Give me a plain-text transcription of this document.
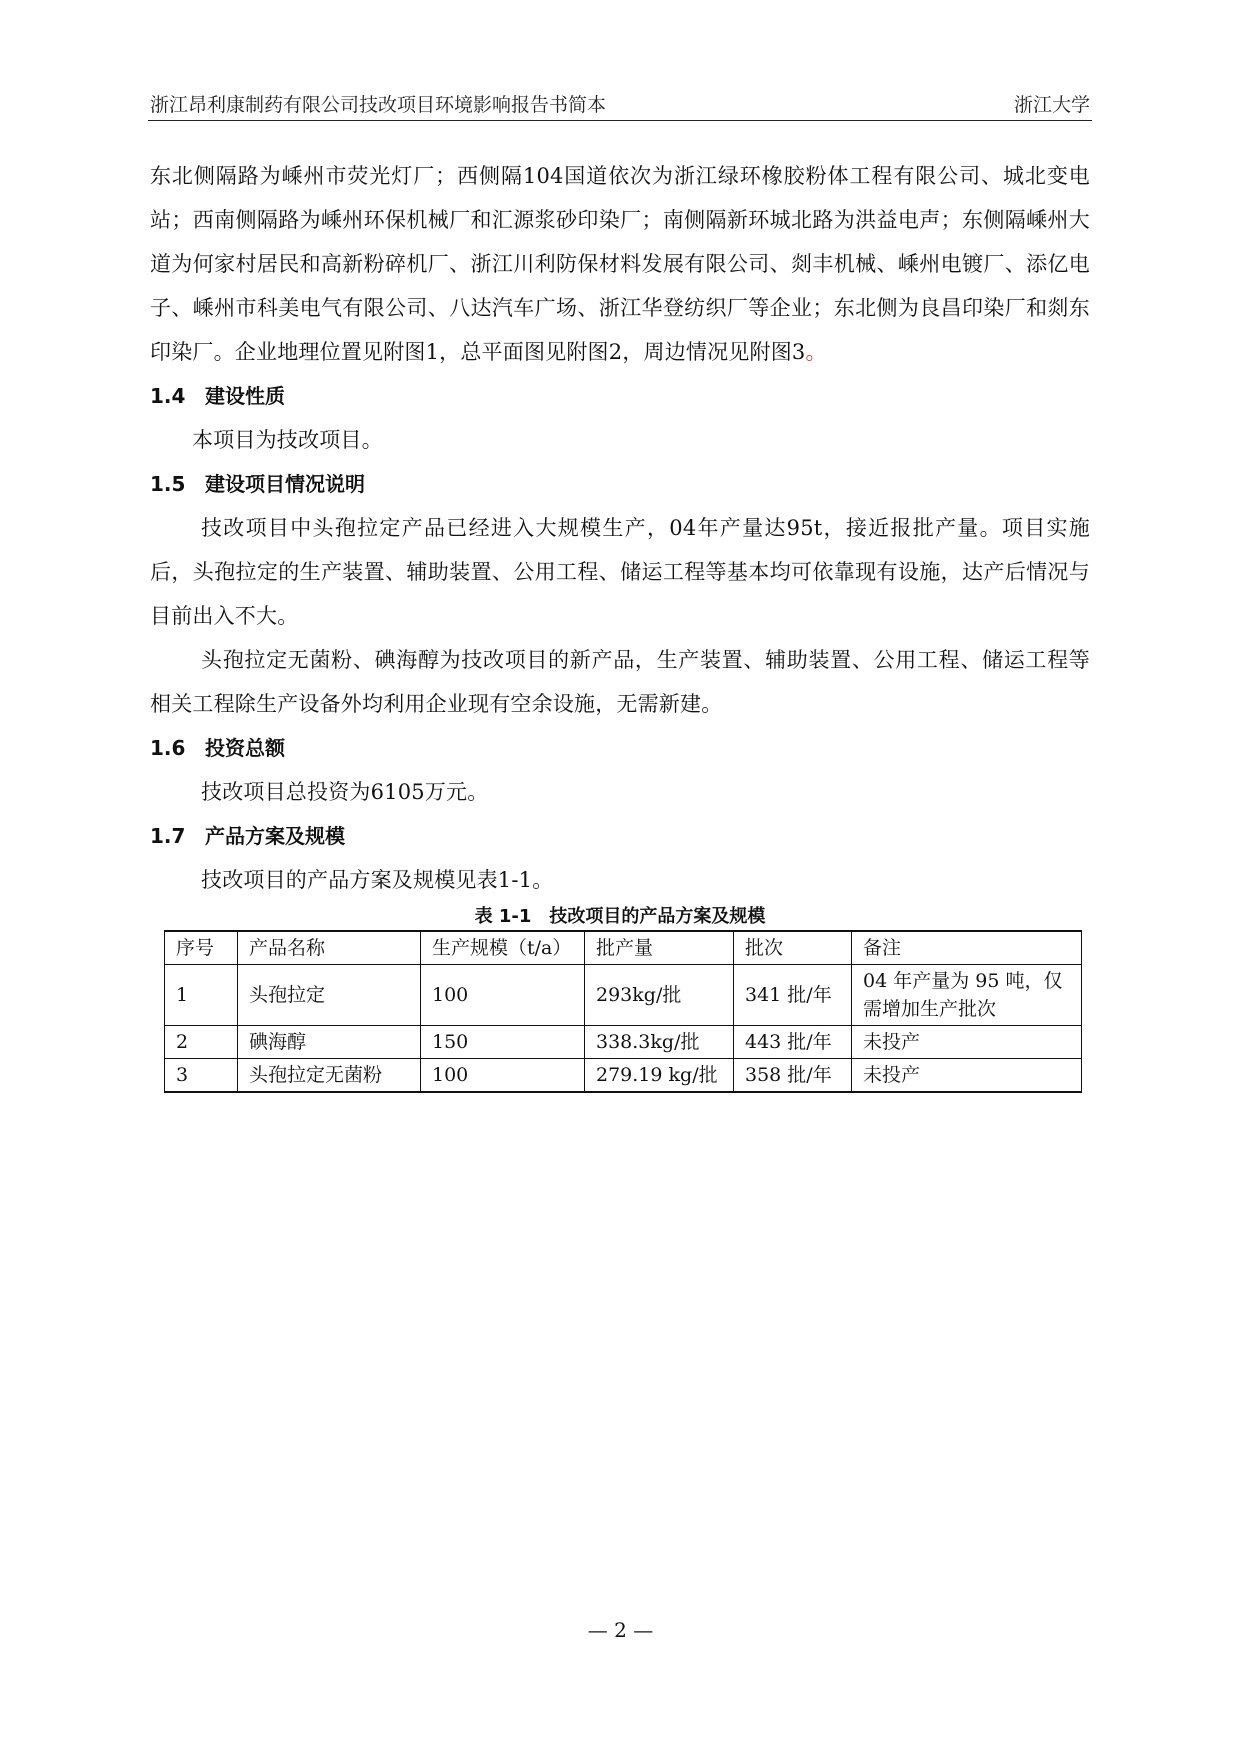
浙江昂利康制药有限公司技改项目环境影响报告书简本	浙江大学

东北侧隔路为嵊州市荧光灯厂；西侧隔104国道依次为浙江绿环橡胶粉体工程有限公司、城北变电站；西南侧隔路为嵊州环保机械厂和汇源浆砂印染厂；南侧隔新环城北路为洪益电声；东侧隔嵊州大道为何家村居民和高新粉碎机厂、浙江川利防保材料发展有限公司、剡丰机械、嵊州电镀厂、添亿电子、嵊州市科美电气有限公司、八达汽车广场、浙江华登纺织厂等企业；东北侧为良昌印染厂和剡东印染厂。企业地理位置见附图1，总平面图见附图2，周边情况见附图3。

1.4 建设性质

本项目为技改项目。

1.5 建设项目情况说明

技改项目中头孢拉定产品已经进入大规模生产，04年产量达95t，接近报批产量。项目实施后，头孢拉定的生产装置、辅助装置、公用工程、储运工程等基本均可依靠现有设施，达产后情况与目前出入不大。

头孢拉定无菌粉、碘海醇为技改项目的新产品，生产装置、辅助装置、公用工程、储运工程等相关工程除生产设备外均利用企业现有空余设施，无需新建。

1.6 投资总额

技改项目总投资为6105万元。

1.7 产品方案及规模

技改项目的产品方案及规模见表1-1。

表 1-1　技改项目的产品方案及规模
序号	产品名称	生产规模（t/a）	批产量	批次	备注
1	头孢拉定	100	293kg/批	341 批/年	04 年产量为 95 吨，仅需增加生产批次
2	碘海醇	150	338.3kg/批	443 批/年	未投产
3	头孢拉定无菌粉	100	279.19 kg/批	358 批/年	未投产
— 2 —
